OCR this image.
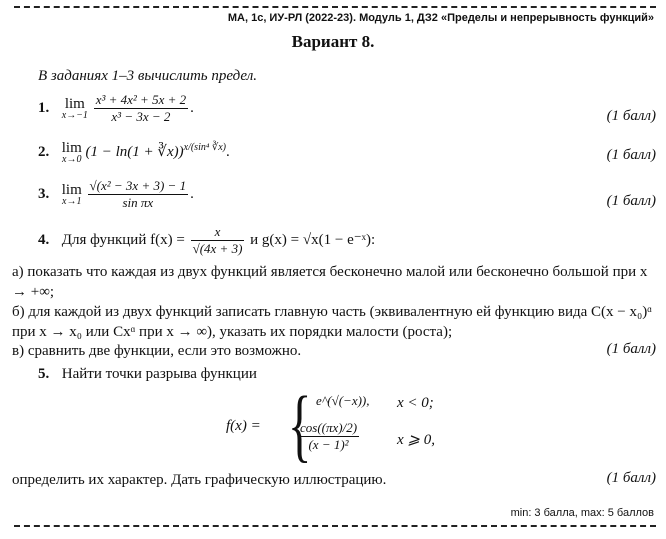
МА, 1с, ИУ-РЛ (2022-23). Модуль 1, ДЗ2 «Пределы и непрерывность функций»
Вариант 8.
В заданиях 1–3 вычислить предел.
1. lim
x→−1
$\frac{\text{x³ + 4x² + 5x + 2}}{\text{x³ − 3x − 2}}$ .
(1 балл)
2. lim
x→0 (1 − ln(1 + ∛x))$^{x/(sin^4 ∛x)}$.	(1 балл)
3. lim
x→1
$\frac{\text{√(x² − 3x + 3) − 1}}{\text{sin πx}}$ .	(1 балл)
4. Для функций $f(x) = \frac{x}{√(4x + 3)}$ и g(x) = √x(1 − e⁻ˣ):
а) показать что каждая из двух функций является бесконечно малой или бесконечно большой при x → +∞;
б) для каждой из двух функций записать главную часть (эквивалентную ей функцию вида C(x − x₀)ᵅ при x → x₀ или Cxᵅ при x → ∞), указать их порядки малости (роста);
в) сравнить две функции, если это возможно.	(1 балл)
5. Найти точки разрыва функции
f(x) = { e^(√(−x)), x < 0;
$\frac{\cos((\pi x)/2)}{\text{(x − 1)²}}$	x ⩾ 0,
определить их характер. Дать графическую иллюстрацию.	(1 балл)
min: 3 балла, max: 5 баллов
